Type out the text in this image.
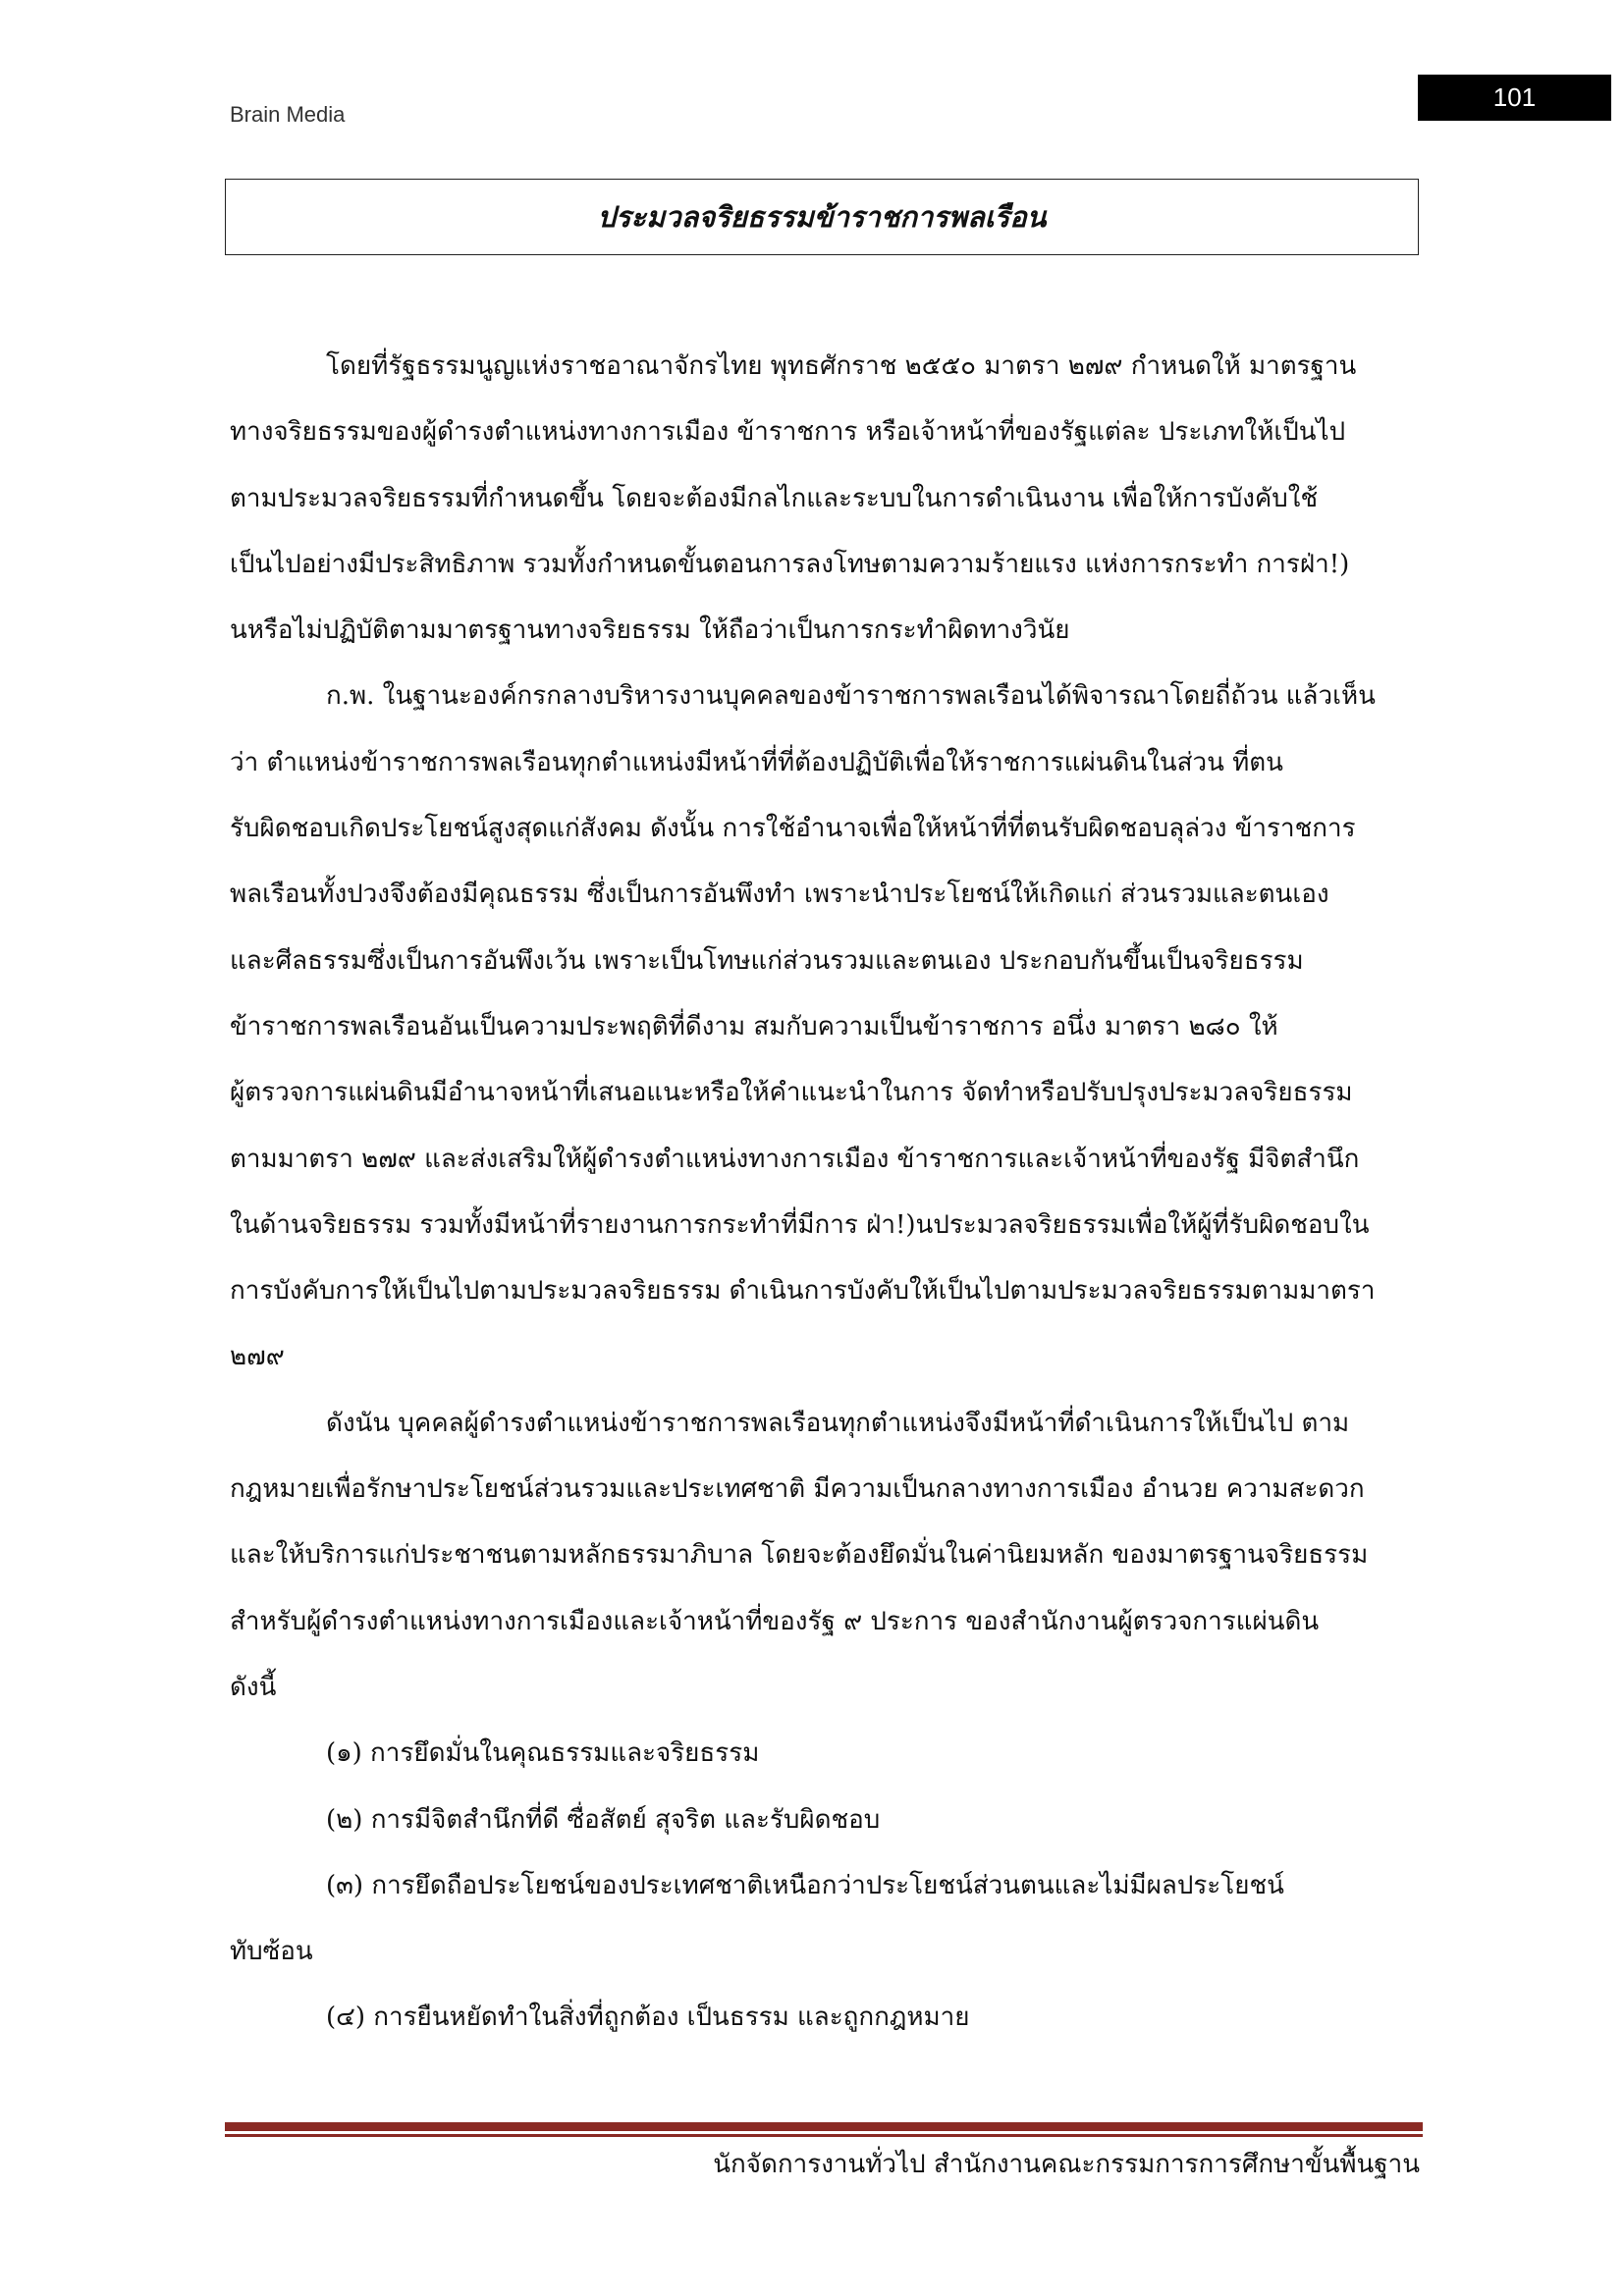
Brain Media
101
ประมวลจริยธรรมข้าราชการพลเรือน
โดยที่รัฐธรรมนูญแห่งราชอาณาจักรไทย พุทธศักราช ๒๕๕๐ มาตรา ๒๗๙ กำหนดให้ มาตรฐาน
ทางจริยธรรมของผู้ดำรงตำแหน่งทางการเมือง ข้าราชการ หรือเจ้าหน้าที่ของรัฐแต่ละ ประเภทให้เป็นไป
ตามประมวลจริยธรรมที่กำหนดขึ้น โดยจะต้องมีกลไกและระบบในการดำเนินงาน เพื่อให้การบังคับใช้
เป็นไปอย่างมีประสิทธิภาพ รวมทั้งกำหนดขั้นตอนการลงโทษตามความร้ายแรง แห่งการกระทำ การฝ่า!)
นหรือไม่ปฏิบัติตามมาตรฐานทางจริยธรรม ให้ถือว่าเป็นการกระทำผิดทางวินัย
ก.พ. ในฐานะองค์กรกลางบริหารงานบุคคลของข้าราชการพลเรือนได้พิจารณาโดยถี่ถ้วน แล้วเห็น
ว่า ตำแหน่งข้าราชการพลเรือนทุกตำแหน่งมีหน้าที่ที่ต้องปฏิบัติเพื่อให้ราชการแผ่นดินในส่วน ที่ตน
รับผิดชอบเกิดประโยชน์สูงสุดแก่สังคม ดังนั้น การใช้อำนาจเพื่อให้หน้าที่ที่ตนรับผิดชอบลุล่วง ข้าราชการ
พลเรือนทั้งปวงจึงต้องมีคุณธรรม ซึ่งเป็นการอันพึงทำ เพราะนำประโยชน์ให้เกิดแก่ ส่วนรวมและตนเอง
และศีลธรรมซึ่งเป็นการอันพึงเว้น เพราะเป็นโทษแก่ส่วนรวมและตนเอง ประกอบกันขึ้นเป็นจริยธรรม
ข้าราชการพลเรือนอันเป็นความประพฤติที่ดีงาม สมกับความเป็นข้าราชการ อนึ่ง มาตรา ๒๘๐ ให้
ผู้ตรวจการแผ่นดินมีอำนาจหน้าที่เสนอแนะหรือให้คำแนะนำในการ จัดทำหรือปรับปรุงประมวลจริยธรรม
ตามมาตรา ๒๗๙ และส่งเสริมให้ผู้ดำรงตำแหน่งทางการเมือง ข้าราชการและเจ้าหน้าที่ของรัฐ มีจิตสำนึก
ในด้านจริยธรรม รวมทั้งมีหน้าที่รายงานการกระทำที่มีการ ฝ่า!)นประมวลจริยธรรมเพื่อให้ผู้ที่รับผิดชอบใน
การบังคับการให้เป็นไปตามประมวลจริยธรรม ดำเนินการบังคับให้เป็นไปตามประมวลจริยธรรมตามมาตรา
๒๗๙
ดังนัน บุคคลผู้ดำรงตำแหน่งข้าราชการพลเรือนทุกตำแหน่งจึงมีหน้าที่ดำเนินการให้เป็นไป ตาม
กฎหมายเพื่อรักษาประโยชน์ส่วนรวมและประเทศชาติ มีความเป็นกลางทางการเมือง อำนวย ความสะดวก
และให้บริการแก่ประชาชนตามหลักธรรมาภิบาล โดยจะต้องยึดมั่นในค่านิยมหลัก ของมาตรฐานจริยธรรม
สำหรับผู้ดำรงตำแหน่งทางการเมืองและเจ้าหน้าที่ของรัฐ ๙ ประการ ของสำนักงานผู้ตรวจการแผ่นดิน
ดังนี้
(๑) การยึดมั่นในคุณธรรมและจริยธรรม
(๒) การมีจิตสำนึกที่ดี ซื่อสัตย์ สุจริต และรับผิดชอบ
(๓) การยึดถือประโยชน์ของประเทศชาติเหนือกว่าประโยชน์ส่วนตนและไม่มีผลประโยชน์
ทับซ้อน
(๔) การยืนหยัดทำในสิ่งที่ถูกต้อง เป็นธรรม และถูกกฎหมาย
นักจัดการงานทั่วไป สำนักงานคณะกรรมการการศึกษาขั้นพื้นฐาน
